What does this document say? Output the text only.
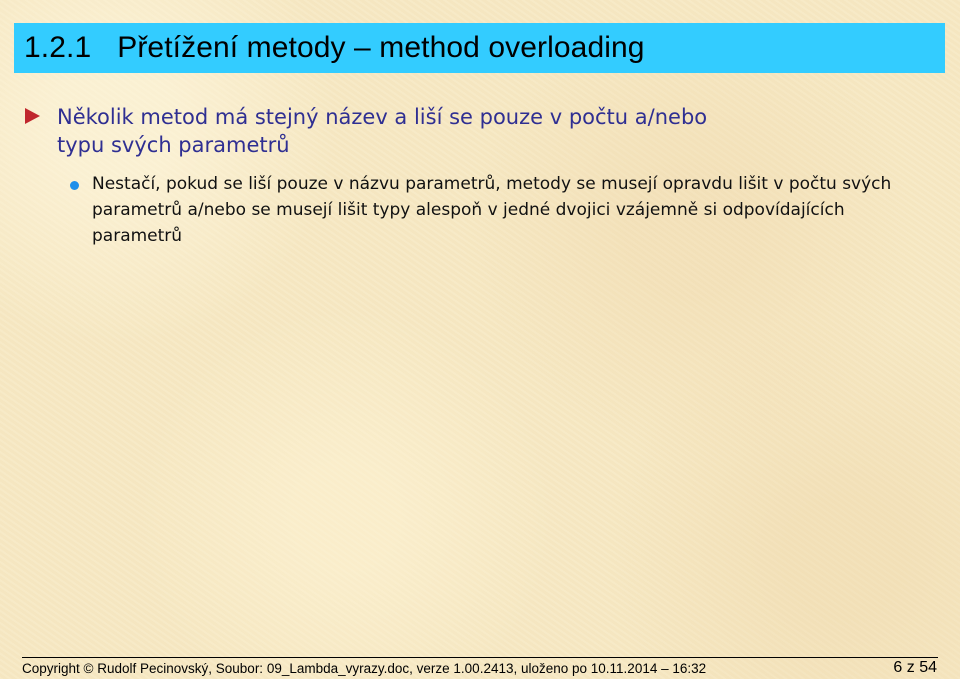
1.2.1 Přetížení metody – method overloading
Několik metod má stejný název a liší se pouze v počtu a/nebo typu svých parametrů
Nestačí, pokud se liší pouze v názvu parametrů, metody se musejí opravdu lišit v počtu svých parametrů a/nebo se musejí lišit typy alespoň v jedné dvojici vzájemně si odpovídajících parametrů
Copyright © Rudolf Pecinovský, Soubor: 09_Lambda_vyrazy.doc, verze 1.00.2413, uloženo po 10.11.2014 – 16:32	6 z 54
